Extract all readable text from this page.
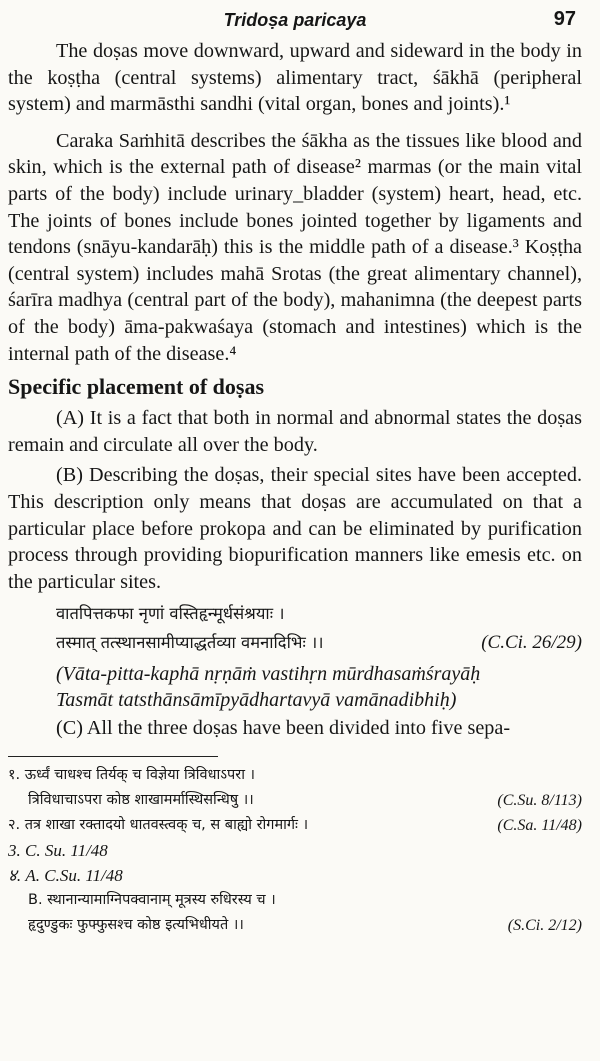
Tridoṣa paricaya	97

The doṣas move downward, upward and sideward in the body in the koṣṭha (central systems) alimentary tract, śākhā (peripheral system) and marmāsthi sandhi (vital organ, bones and joints).¹

Caraka Saṁhitā describes the śākha as the tissues like blood and skin, which is the external path of disease² marmas (or the main vital parts of the body) include urinary_bladder (system) heart, head, etc. The joints of bones include bones jointed together by ligaments and tendons (snāyu-kandarāḥ) this is the middle path of a disease.³ Koṣṭha (central system) includes mahā Srotas (the great alimentary channel), śarīra madhya (central part of the body), mahanimna (the deepest parts of the body) āma-pakwaśaya (stomach and intestines) which is the internal path of the disease.⁴

Specific placement of doṣas

(A) It is a fact that both in normal and abnormal states the doṣas remain and circulate all over the body.

(B) Describing the doṣas, their special sites have been accepted. This description only means that doṣas are accumulated on that a particular place before prokopa and can be eliminated by purification process through providing biopurification manners like emesis etc. on the particular sites.

वातपित्तकफा नृणां वस्तिहृन्मूर्धसंश्रयाः ।
तस्मात् तत्स्थानसामीप्याद्धर्तव्या वमनादिभिः ।।	(C.Ci. 26/29)
(Vāta-pitta-kaphā nṛṇāṁ vastihṛn mūrdhasaṁśrayāḥ
Tasmāt tatsthānsāmīpyādhartavyā vamānadibhiḥ)

(C) All the three doṣas have been divided into five sepa-

१. ऊर्ध्वं चाधश्च तिर्यक् च विज्ञेया त्रिविधाऽपरा ।
त्रिविधाचाऽपरा कोष्ठ शाखामर्मास्थिसन्धिषु ।।	(C.Su. 8/113)
२. तत्र शाखा रक्तादयो धातवस्त्वक् च, स बाह्यो रोगमार्गः ।	(C.Sa. 11/48)
3. C. Su. 11/48
४. A. C.Su. 11/48
B. स्थानान्यामाग्निपक्वानाम् मूत्रस्य रुधिरस्य च ।
हृदुण्डुकः फुफ्फुसश्च कोष्ठ इत्यभिधीयते ।।	(S.Ci. 2/12)
